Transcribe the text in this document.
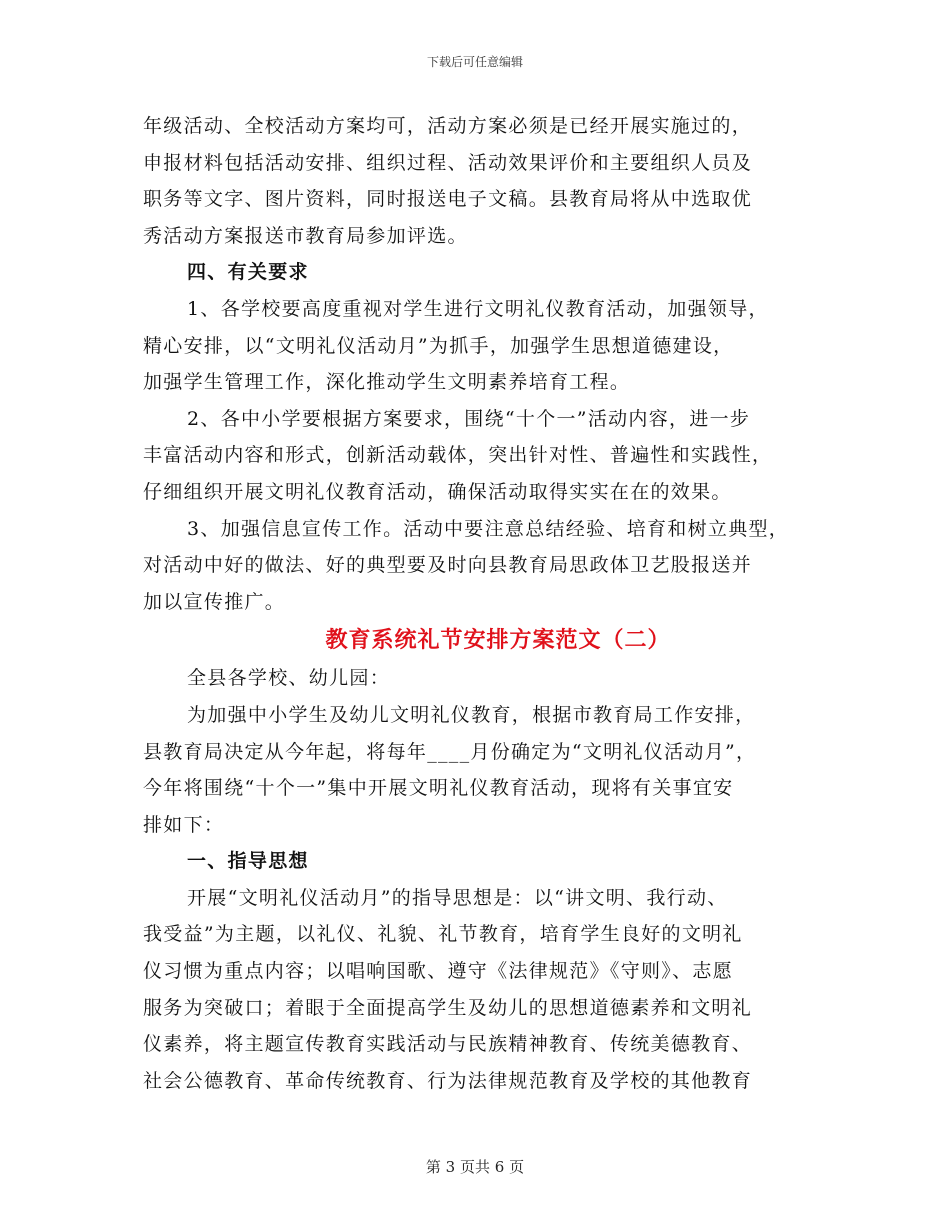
下载后可任意编辑
年级活动、全校活动方案均可，活动方案必须是已经开展实施过的，
申报材料包括活动安排、组织过程、活动效果评价和主要组织人员及
职务等文字、图片资料，同时报送电子文稿。县教育局将从中选取优
秀活动方案报送市教育局参加评选。
四、有关要求
1、各学校要高度重视对学生进行文明礼仪教育活动，加强领导，
精心安排，以“文明礼仪活动月”为抓手，加强学生思想道德建设，
加强学生管理工作，深化推动学生文明素养培育工程。
2、各中小学要根据方案要求，围绕“十个一”活动内容，进一步
丰富活动内容和形式，创新活动载体，突出针对性、普遍性和实践性，
仔细组织开展文明礼仪教育活动，确保活动取得实实在在的效果。
3、加强信息宣传工作。活动中要注意总结经验、培育和树立典型，
对活动中好的做法、好的典型要及时向县教育局思政体卫艺股报送并
加以宣传推广。
教育系统礼节安排方案范文（二）
全县各学校、幼儿园：
为加强中小学生及幼儿文明礼仪教育，根据市教育局工作安排，
县教育局决定从今年起，将每年____月份确定为“文明礼仪活动月”，
今年将围绕“十个一”集中开展文明礼仪教育活动，现将有关事宜安
排如下：
一、指导思想
开展“文明礼仪活动月”的指导思想是：以“讲文明、我行动、
我受益”为主题，以礼仪、礼貌、礼节教育，培育学生良好的文明礼
仪习惯为重点内容；以唱响国歌、遵守《法律规范》《守则》、志愿
服务为突破口；着眼于全面提高学生及幼儿的思想道德素养和文明礼
仪素养，将主题宣传教育实践活动与民族精神教育、传统美德教育、
社会公德教育、革命传统教育、行为法律规范教育及学校的其他教育
第 3 页共 6 页
